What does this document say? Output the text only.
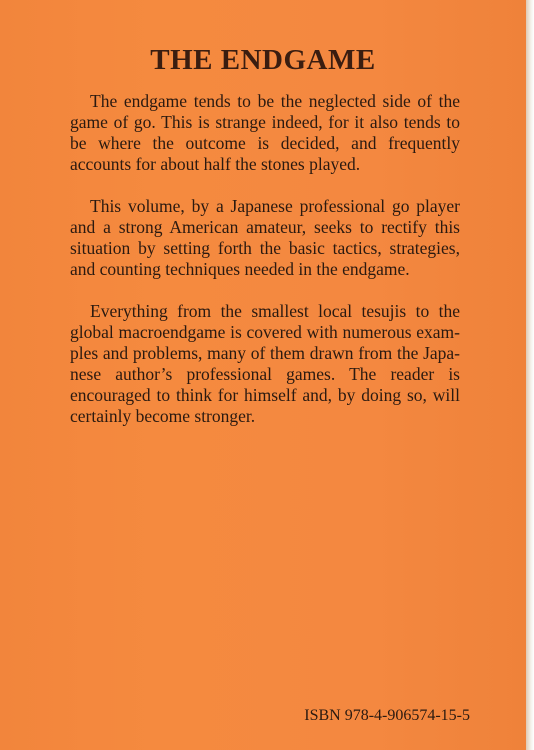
THE ENDGAME

The endgame tends to be the neglected side of the game of go. This is strange indeed, for it also tends to be where the outcome is decided, and frequently accounts for about half the stones played.

This volume, by a Japanese professional go player and a strong American amateur, seeks to rectify this situation by setting forth the basic tactics, strategies, and counting techniques needed in the endgame.

Everything from the smallest local tesujis to the global macroendgame is covered with numerous examples and problems, many of them drawn from the Japanese author’s professional games. The reader is encouraged to think for himself and, by doing so, will certainly become stronger.

ISBN 978-4-906574-15-5
